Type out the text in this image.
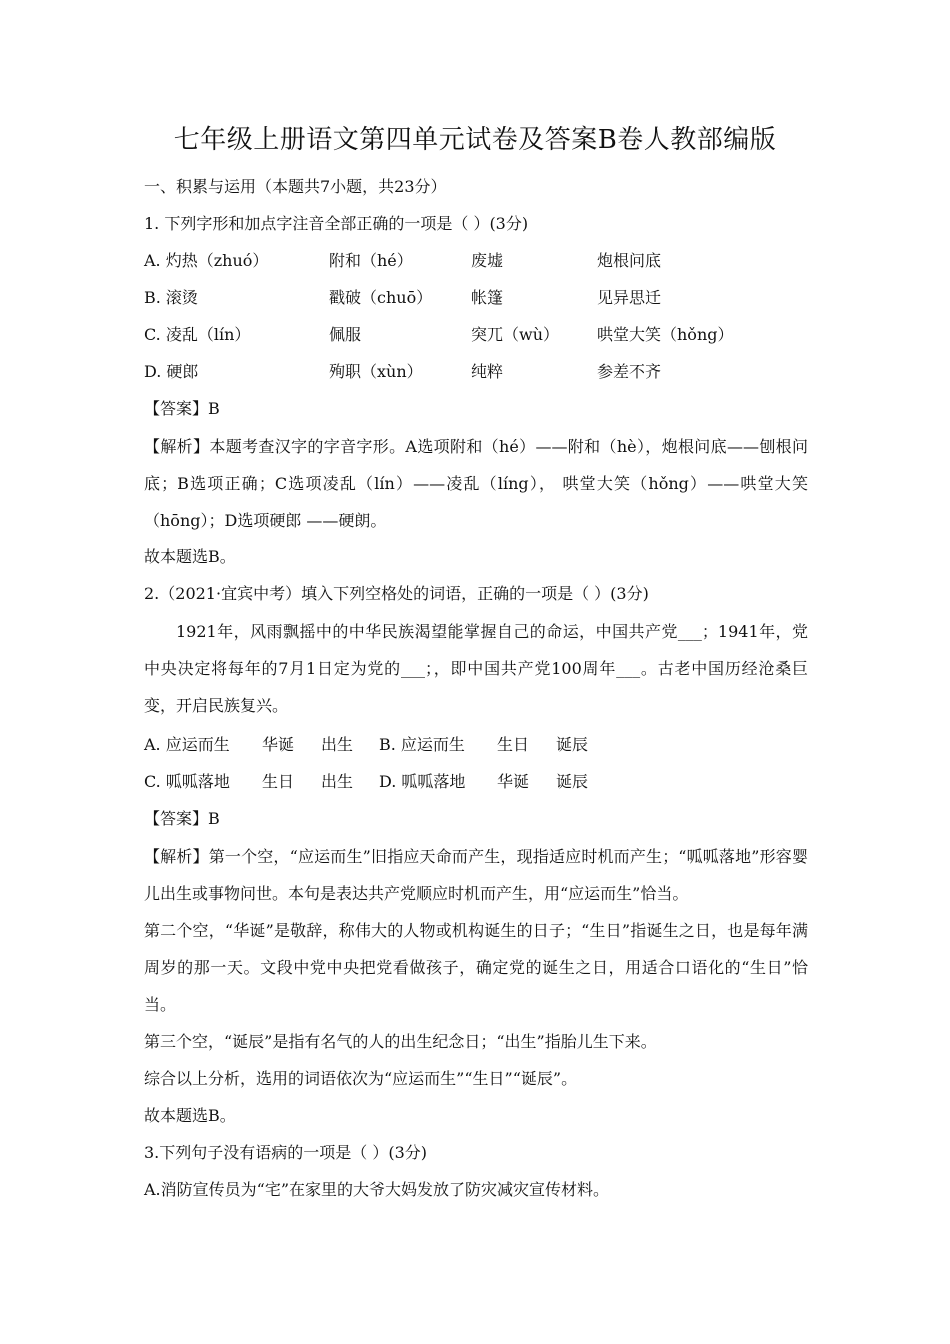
七年级上册语文第四单元试卷及答案B卷人教部编版
一、积累与运用（本题共7小题，共23分）
1. 下列字形和加点字注音全部正确的一项是（ ）(3分)
A. 灼热（zhuó）	附和（hé）	废墟	炮根问底
B. 滚烫	戳破（chuō） 帐篷	见异思迁
C. 凌乱（lín）	佩服	突兀（wù） 哄堂大笑（hǒng）
D. 硬郎	殉职（xùn）	纯粹	参差不齐
【答案】B
【解析】本题考查汉字的字音字形。A选项附和（hé）——附和（hè），炮根问底——刨根问底；B选项正确；C选项凌乱（lín）——凌乱（líng）， 哄堂大笑（hǒng）——哄堂大笑（hōng）；D选项硬郎 ——硬朗。
故本题选B。
2.（2021·宜宾中考）填入下列空格处的词语，正确的一项是（ ）(3分)
1921年，风雨飘摇中的中华民族渴望能掌握自己的命运，中国共产党___；1941年，党中央决定将每年的7月1日定为党的___；，即中国共产党100周年___。古老中国历经沧桑巨变，开启民族复兴。
A. 应运而生 华诞 出生 B. 应运而生 生日 诞辰
C. 呱呱落地 生日 出生 D. 呱呱落地 华诞 诞辰
【答案】B
【解析】第一个空，“应运而生”旧指应天命而产生，现指适应时机而产生；“呱呱落地”形容婴儿出生或事物问世。本句是表达共产党顺应时机而产生，用“应运而生”恰当。
第二个空，“华诞”是敬辞，称伟大的人物或机构诞生的日子；“生日”指诞生之日，也是每年满周岁的那一天。文段中党中央把党看做孩子，确定党的诞生之日，用适合口语化的“生日”恰当。
第三个空，“诞辰”是指有名气的人的出生纪念日；“出生”指胎儿生下来。
综合以上分析，选用的词语依次为“应运而生”“生日”“诞辰”。
故本题选B。
3.下列句子没有语病的一项是（ ）(3分)
A.消防宣传员为“宅”在家里的大爷大妈发放了防灾减灾宣传材料。
